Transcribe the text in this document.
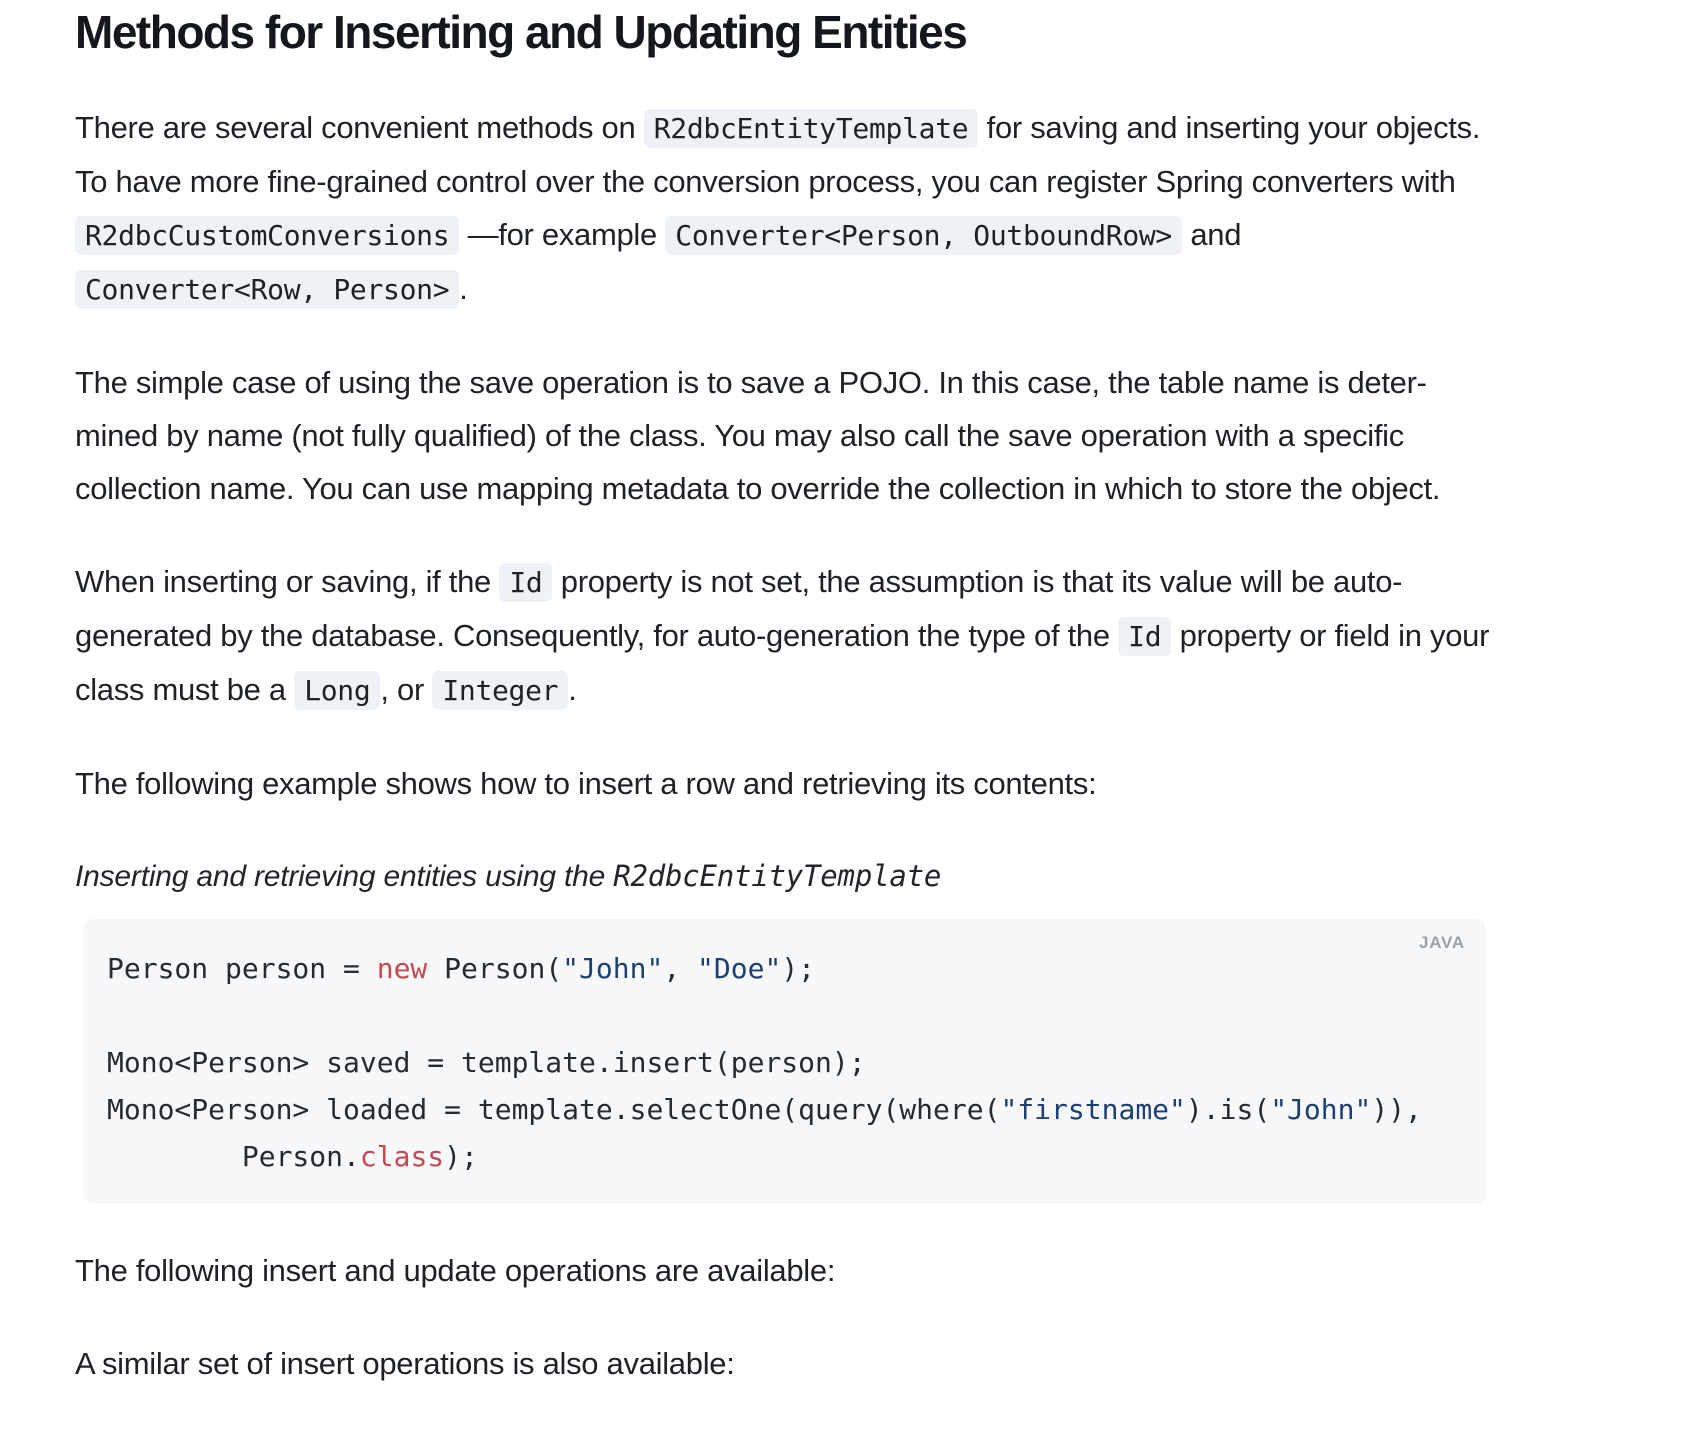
Methods for Inserting and Updating Entities

There are several convenient methods on R2dbcEntityTemplate for saving and inserting your objects. To have more fine-grained control over the conversion process, you can register Spring converters with R2dbcCustomConversions —for example Converter<Person, OutboundRow> and Converter<Row, Person> .

The simple case of using the save operation is to save a POJO. In this case, the table name is determined by name (not fully qualified) of the class. You may also call the save operation with a specific collection name. You can use mapping metadata to override the collection in which to store the object.

When inserting or saving, if the Id property is not set, the assumption is that its value will be auto-generated by the database. Consequently, for auto-generation the type of the Id property or field in your class must be a Long , or Integer .

The following example shows how to insert a row and retrieving its contents:

Inserting and retrieving entities using the R2dbcEntityTemplate
JAVA
Person person = new Person("John", "Doe");
Mono<Person> saved = template.insert(person);
Mono<Person> loaded = template.selectOne(query(where("firstname").is("John")),
Person.class);

The following insert and update operations are available:

A similar set of insert operations is also available:
